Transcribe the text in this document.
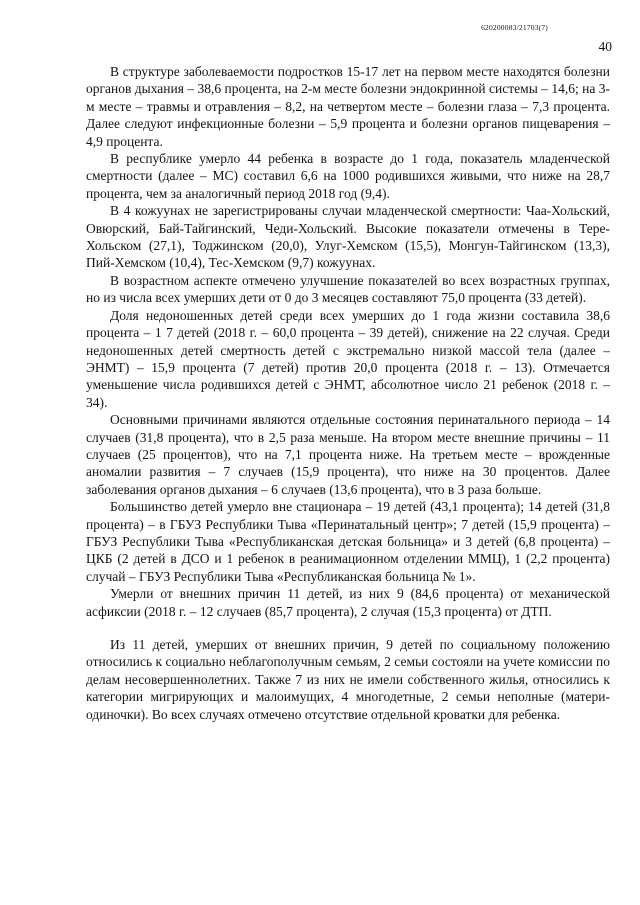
620200083/21703(7)
40

В структуре заболеваемости подростков 15-17 лет на первом месте находятся болезни органов дыхания – 38,6 процента, на 2-м месте болезни эндокринной системы – 14,6; на 3-м месте – травмы и отравления – 8,2, на четвертом месте – болезни глаза – 7,3 процента. Далее следуют инфекционные болезни – 5,9 процента и болезни органов пищеварения – 4,9 процента.

В республике умерло 44 ребенка в возрасте до 1 года, показатель младенческой смертности (далее – МС) составил 6,6 на 1000 родившихся живыми, что ниже на 28,7 процента, чем за аналогичный период 2018 год (9,4).

В 4 кожуунах не зарегистрированы случаи младенческой смертности: Чаа-Хольский, Овюрский, Бай-Тайгинский, Чеди-Хольский. Высокие показатели отмечены в Тере-Хольском (27,1), Тоджинском (20,0), Улуг-Хемском (15,5), Монгун-Тайгинском (13,3), Пий-Хемском (10,4), Тес-Хемском (9,7) кожуунах.

В возрастном аспекте отмечено улучшение показателей во всех возрастных группах, но из числа всех умерших дети от 0 до 3 месяцев составляют 75,0 процента (33 детей).

Доля недоношенных детей среди всех умерших до 1 года жизни составила 38,6 процента – 1 7 детей (2018 г. – 60,0 процента – 39 детей), снижение на 22 случая. Среди недоношенных детей смертность детей с экстремально низкой массой тела (далее – ЭНМТ) – 15,9 процента (7 детей) против 20,0 процента (2018 г. – 13). Отмечается уменьшение числа родившихся детей с ЭНМТ, абсолютное число 21 ребенок (2018 г. – 34).

Основными причинами являются отдельные состояния перинатального периода – 14 случаев (31,8 процента), что в 2,5 раза меньше. На втором месте внешние причины – 11 случаев (25 процентов), что на 7,1 процента ниже. На третьем месте – врожденные аномалии развития – 7 случаев (15,9 процента), что ниже на 30 процентов. Далее заболевания органов дыхания – 6 случаев (13,6 процента), что в 3 раза больше.

Большинство детей умерло вне стационара – 19 детей (43,1 процента); 14 детей (31,8 процента) – в ГБУЗ Республики Тыва «Перинатальный центр»; 7 детей (15,9 процента) – ГБУЗ Республики Тыва «Республиканская детская больница» и 3 детей (6,8 процента) – ЦКБ (2 детей в ДСО и 1 ребенок в реанимационном отделении ММЦ), 1 (2,2 процента) случай – ГБУЗ Республики Тыва «Республиканская больница № 1».

Умерли от внешних причин 11 детей, из них 9 (84,6 процента) от механической асфиксии (2018 г. – 12 случаев (85,7 процента), 2 случая (15,3 процента) от ДТП.

Из 11 детей, умерших от внешних причин, 9 детей по социальному положению относились к социально неблагополучным семьям, 2 семьи состояли на учете комиссии по делам несовершеннолетних. Также 7 из них не имели собственного жилья, относились к категории мигрирующих и малоимущих, 4 многодетные, 2 семьи неполные (матери-одиночки). Во всех случаях отмечено отсутствие отдельной кроватки для ребенка.
